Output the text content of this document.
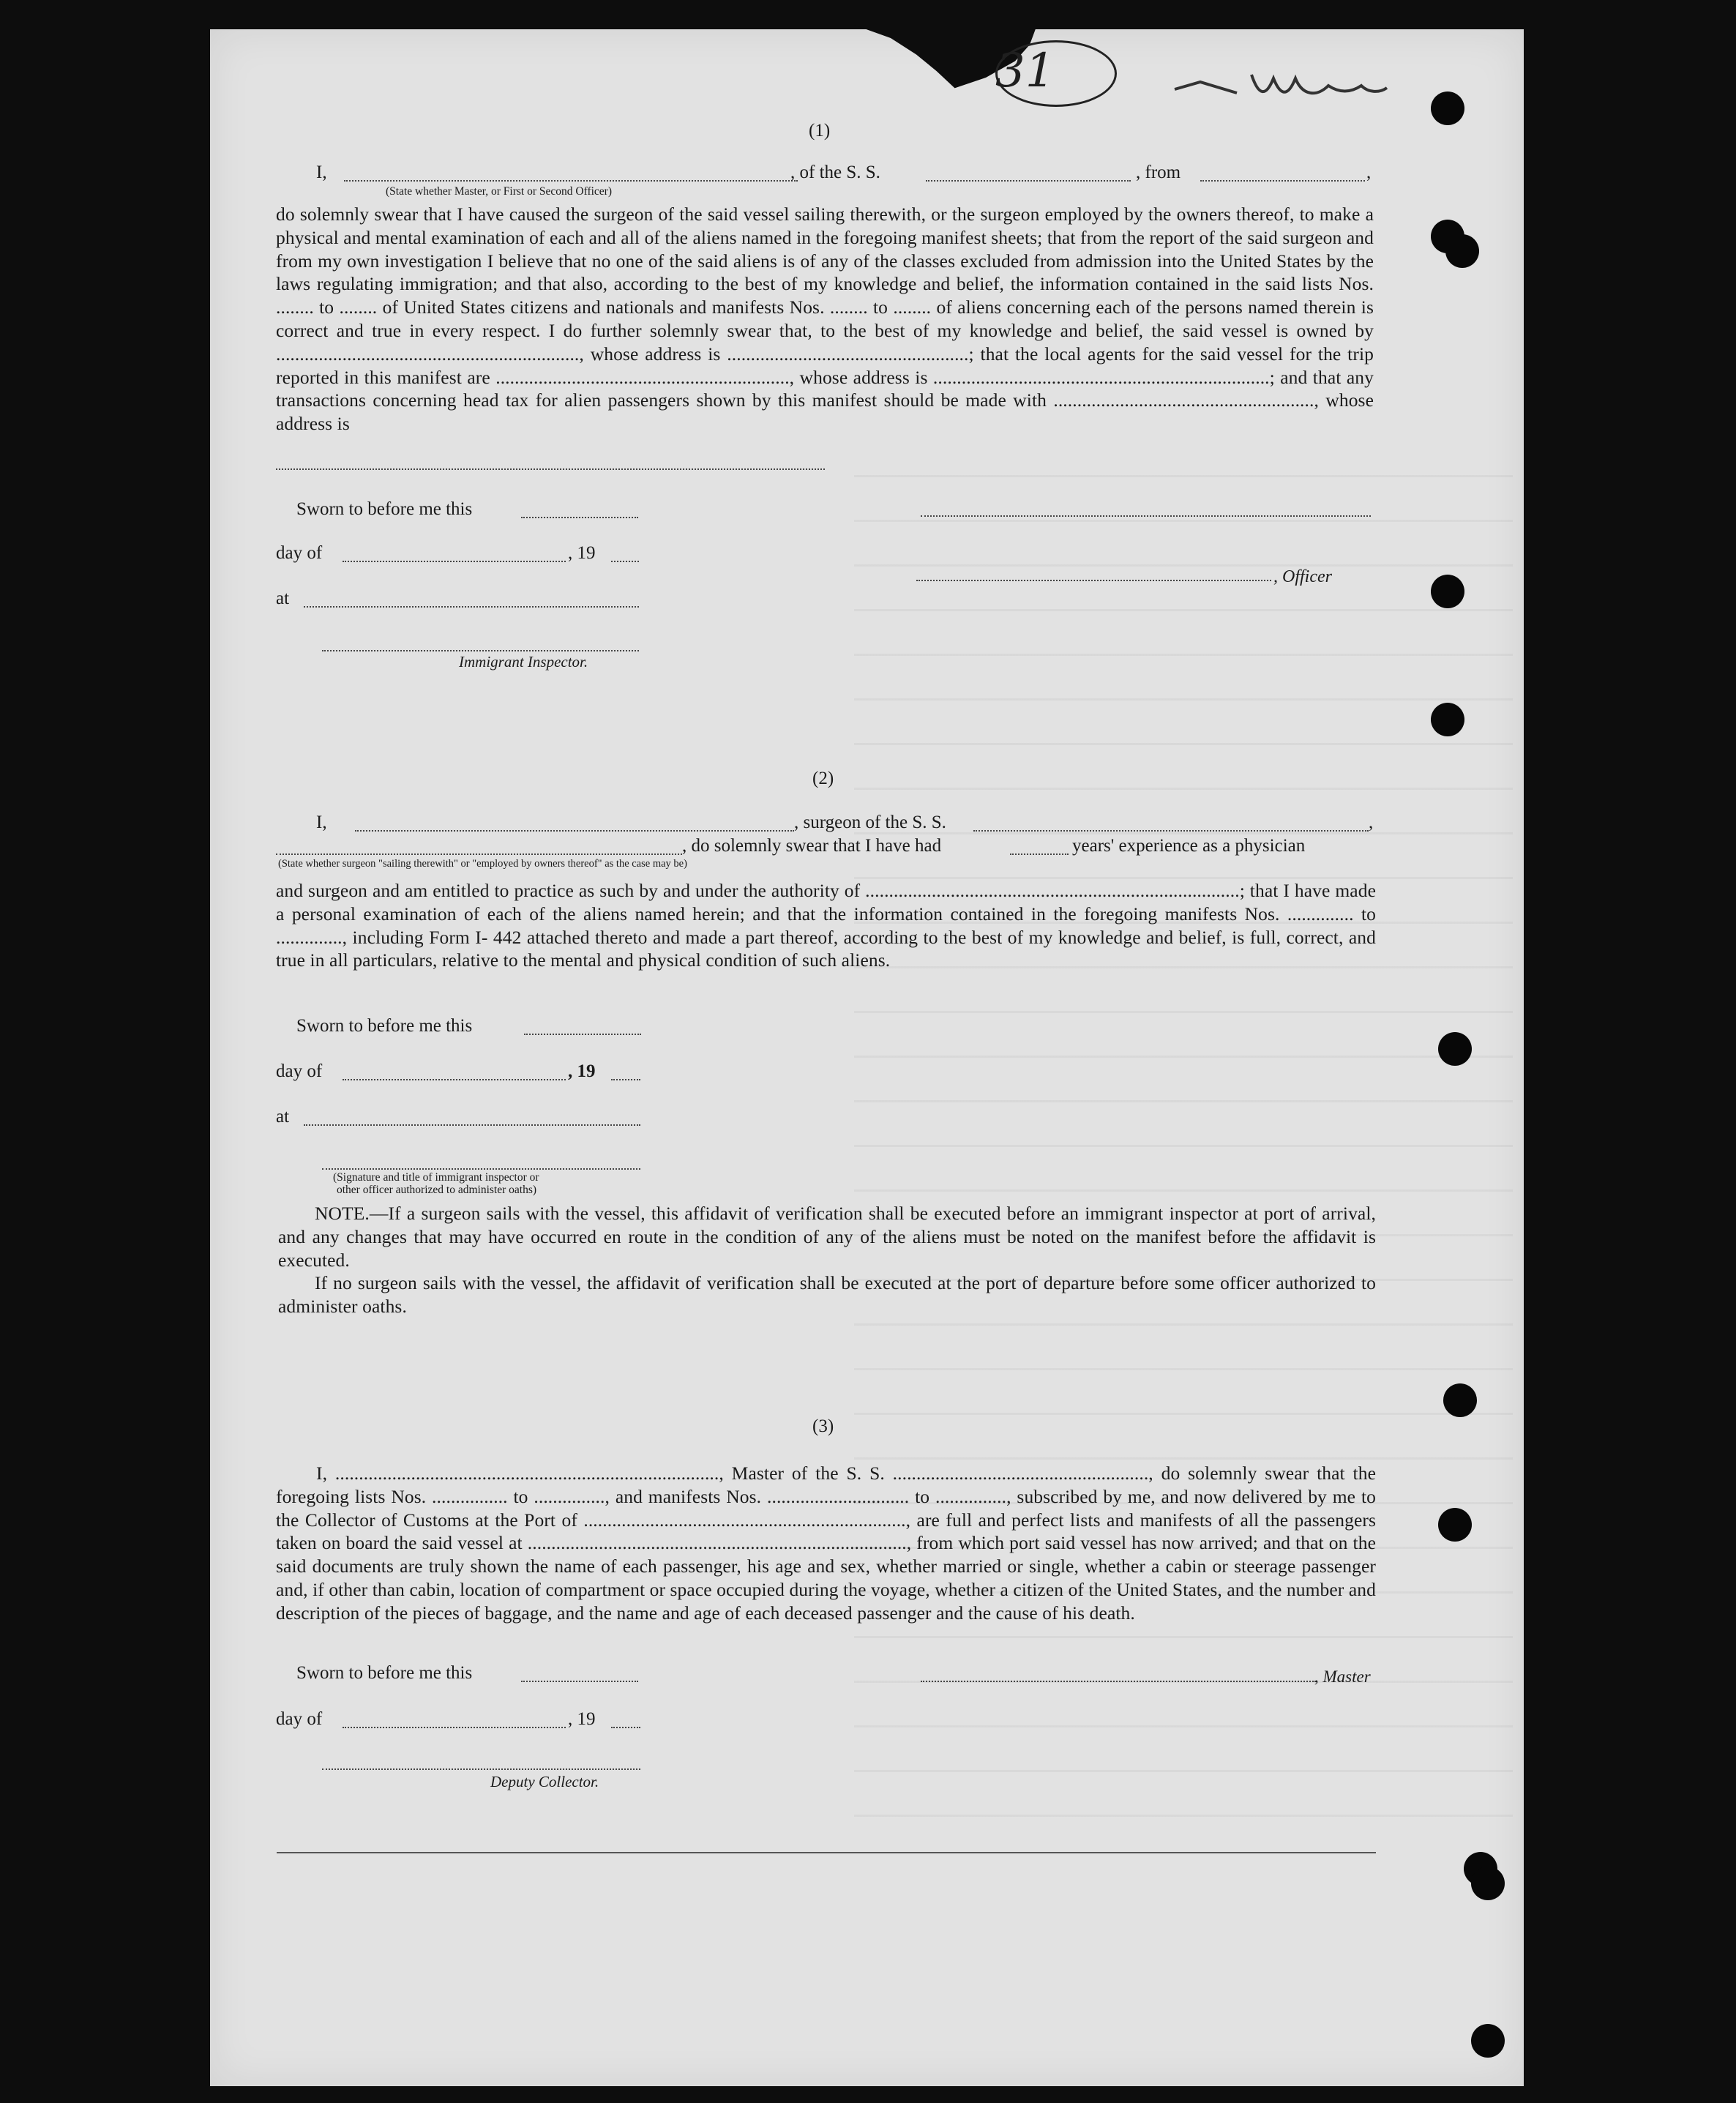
31
(1)
I,	, of the S. S.	, from	,
(State whether Master, or First or Second Officer)
do solemnly swear that I have caused the surgeon of the said vessel sailing therewith, or the surgeon employed by the owners thereof, to make a physical and mental examination of each and all of the aliens named in the foregoing manifest sheets; that from the report of the said surgeon and from my own investigation I believe that no one of the said aliens is of any of the classes excluded from admission into the United States by the laws regulating immigration; and that also, according to the best of my knowledge and belief, the information contained in the said lists Nos. ........ to ........ of United States citizens and nationals and manifests Nos. ........ to ........ of aliens concerning each of the persons named therein is correct and true in every respect. I do further solemnly swear that, to the best of my knowledge and belief, the said vessel is owned by ................................................................, whose address is ...................................................; that the local agents for the said vessel for the trip reported in this manifest are .............................................................., whose address is .......................................................................; and that any transactions concerning head tax for alien passengers shown by this manifest should be made with ......................................................., whose address is
Sworn to before me this
day of	, 19
, Officer
at
Immigrant Inspector.
(2)
I,	, surgeon of the S. S.	,
, do solemnly swear that I have had	years' experience as a physician
(State whether surgeon "sailing therewith" or "employed by owners thereof" as the case may be)
and surgeon and am entitled to practice as such by and under the authority of ...............................................................................; that I have made a personal examination of each of the aliens named herein; and that the information contained in the foregoing manifests Nos. .............. to .............., including Form I- 442 attached thereto and made a part thereof, according to the best of my knowledge and belief, is full, correct, and true in all particulars, relative to the mental and physical condition of such aliens.
Sworn to before me this
day of	, 19
at
(Signature and title of immigrant inspector or
other officer authorized to administer oaths)
NOTE.—If a surgeon sails with the vessel, this affidavit of verification shall be executed before an immigrant inspector at port of arrival, and any changes that may have occurred en route in the condition of any of the aliens must be noted on the manifest before the affidavit is executed.
If no surgeon sails with the vessel, the affidavit of verification shall be executed at the port of departure before some officer authorized to administer oaths.
(3)
I, ................................................................................., Master of the S. S. ......................................................, do solemnly swear that the foregoing lists Nos. ................ to ..............., and manifests Nos. .............................. to ..............., subscribed by me, and now delivered by me to the Collector of Customs at the Port of ...................................................................., are full and perfect lists and manifests of all the passengers taken on board the said vessel at ................................................................................, from which port said vessel has now arrived; and that on the said documents are truly shown the name of each passenger, his age and sex, whether married or single, whether a cabin or steerage passenger and, if other than cabin, location of compartment or space occupied during the voyage, whether a citizen of the United States, and the number and description of the pieces of baggage, and the name and age of each deceased passenger and the cause of his death.
Sworn to before me this	, Master
day of	, 19
Deputy Collector.
